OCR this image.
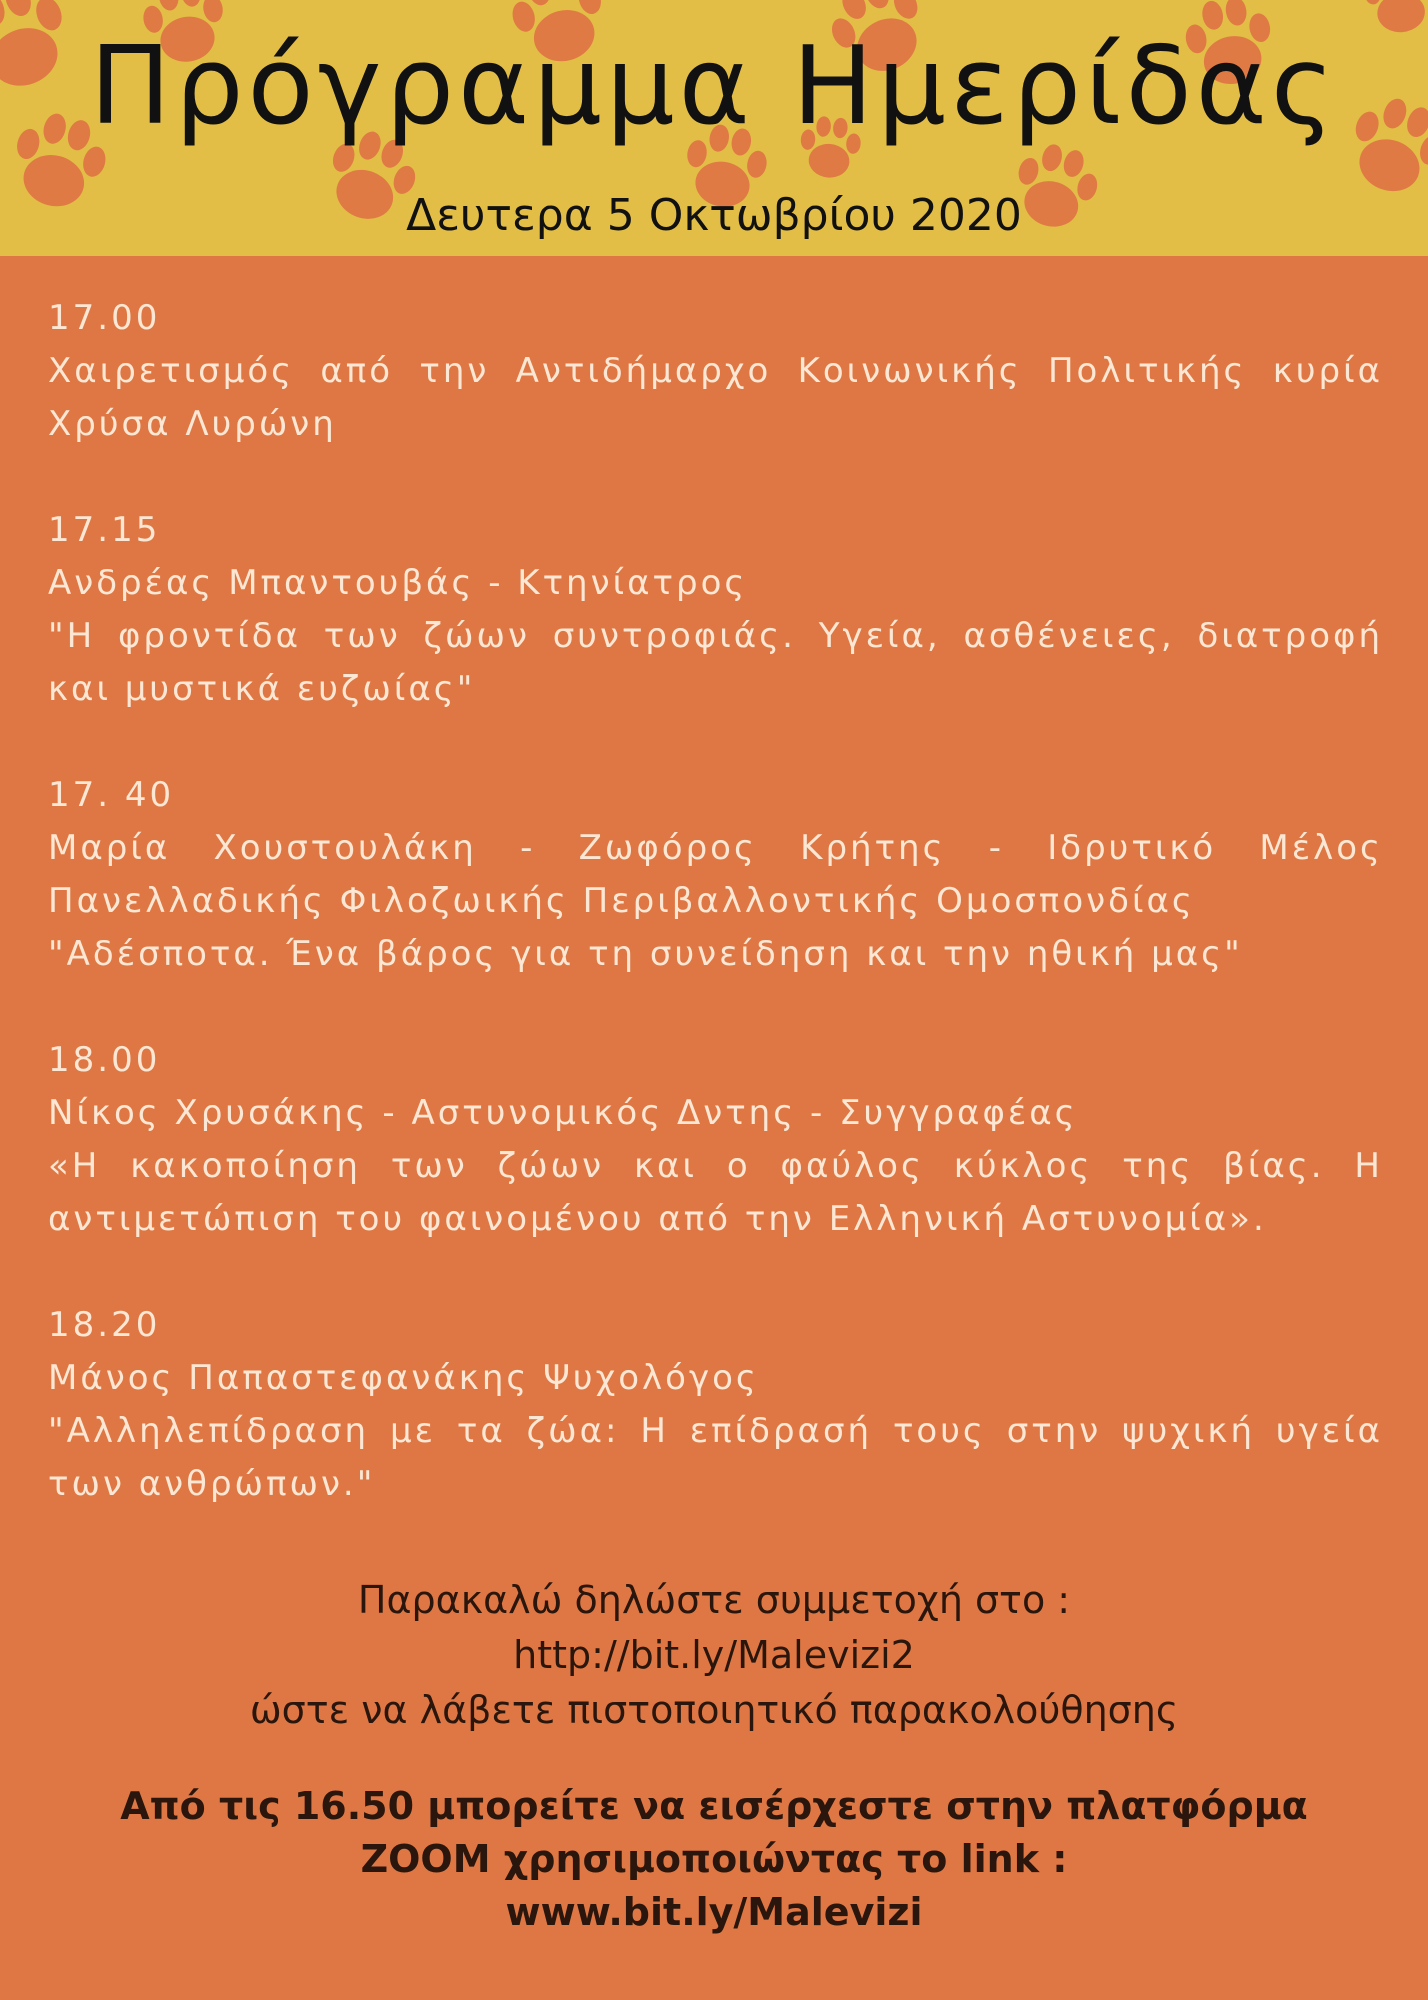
Πρόγραμμα Ημερίδας
Δευτερα 5 Οκτωβρίου 2020

17.00

Χαιρετισμός από την Αντιδήμαρχο Κοινωνικής Πολιτικής κυρία Χρύσα Λυρώνη

17.15

Ανδρέας Μπαντουβάς - Κτηνίατρος

"Η φροντίδα των ζώων συντροφιάς. Υγεία, ασθένειες, διατροφή και μυστικά ευζωίας"

17. 40

Μαρία Χουστουλάκη - Ζωφόρος Κρήτης - Ιδρυτικό Μέλος Πανελλαδικής Φιλοζωικής Περιβαλλοντικής Ομοσπονδίας

"Αδέσποτα. Ένα βάρος για τη συνείδηση και την ηθική μας"

18.00

Νίκος Χρυσάκης - Αστυνομικός Δντης - Συγγραφέας

«Η κακοποίηση των ζώων και ο φαύλος κύκλος της βίας. Η αντιμετώπιση του φαινομένου από την Ελληνική Αστυνομία».

18.20

Μάνος Παπαστεφανάκης Ψυχολόγος

"Αλληλεπίδραση με τα ζώα: Η επίδρασή τους στην ψυχική υγεία των ανθρώπων."

Παρακαλώ δηλώστε συμμετοχή στο :
http://bit.ly/Malevizi2
ώστε να λάβετε πιστοποιητικό παρακολούθησης
Από τις 16.50 μπορείτε να εισέρχεστε στην πλατφόρμα
ZOOM χρησιμοποιώντας το link :
www.bit.ly/Malevizi
